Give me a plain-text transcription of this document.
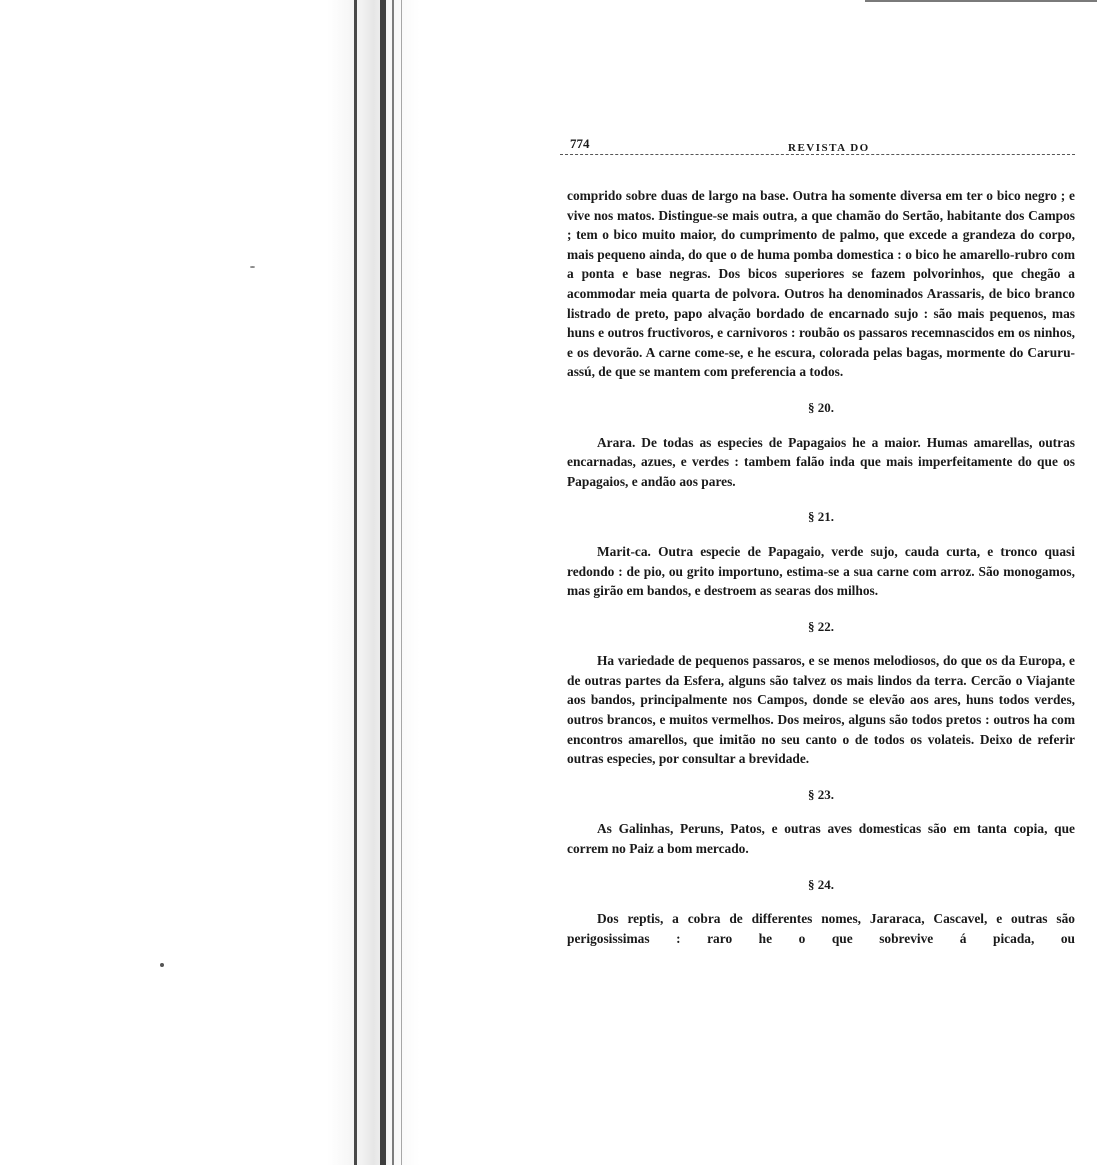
774	REVISTA DO

comprido sobre duas de largo na base. Outra ha somente diversa em ter o bico negro ; e vive nos matos. Distingue-se mais outra, a que chamão do Sertão, habitante dos Campos ; tem o bico muito maior, do cumprimento de palmo, que excede a grandeza do corpo, mais pequeno ainda, do que o de huma pomba domestica : o bico he amarello-rubro com a ponta e base negras. Dos bicos superiores se fazem polvorinhos, que chegão a acommodar meia quarta de polvora. Outros ha denominados Arassaris, de bico branco listrado de preto, papo alvação bordado de encarnado sujo : são mais pequenos, mas huns e outros fructivoros, e carnivoros : roubão os passaros recemnascidos em os ninhos, e os devorão. A carne come-se, e he escura, colorada pelas bagas, mormente do Caruru-assú, de que se mantem com preferencia a todos.

§ 20.

Arara. De todas as especies de Papagaios he a maior. Humas amarellas, outras encarnadas, azues, e verdes : tambem falão inda que mais imperfeitamente do que os Papagaios, e andão aos pares.

§ 21.

Marit-ca. Outra especie de Papagaio, verde sujo, cauda curta, e tronco quasi redondo : de pio, ou grito importuno, estima-se a sua carne com arroz. São monogamos, mas girão em bandos, e destroem as searas dos milhos.

§ 22.

Ha variedade de pequenos passaros, e se menos melodiosos, do que os da Europa, e de outras partes da Esfera, alguns são talvez os mais lindos da terra. Cercão o Viajante aos bandos, principalmente nos Campos, donde se elevão aos ares, huns todos verdes, outros brancos, e muitos vermelhos. Dos meiros, alguns são todos pretos : outros ha com encontros amarellos, que imitão no seu canto o de todos os volateis. Deixo de referir outras especies, por consultar a brevidade.

§ 23.

As Galinhas, Peruns, Patos, e outras aves domesticas são em tanta copia, que correm no Paiz a bom mercado.

§ 24.

Dos reptis, a cobra de differentes nomes, Jararaca, Cascavel, e outras são perigosissimas : raro he o que sobrevive á picada, ou
